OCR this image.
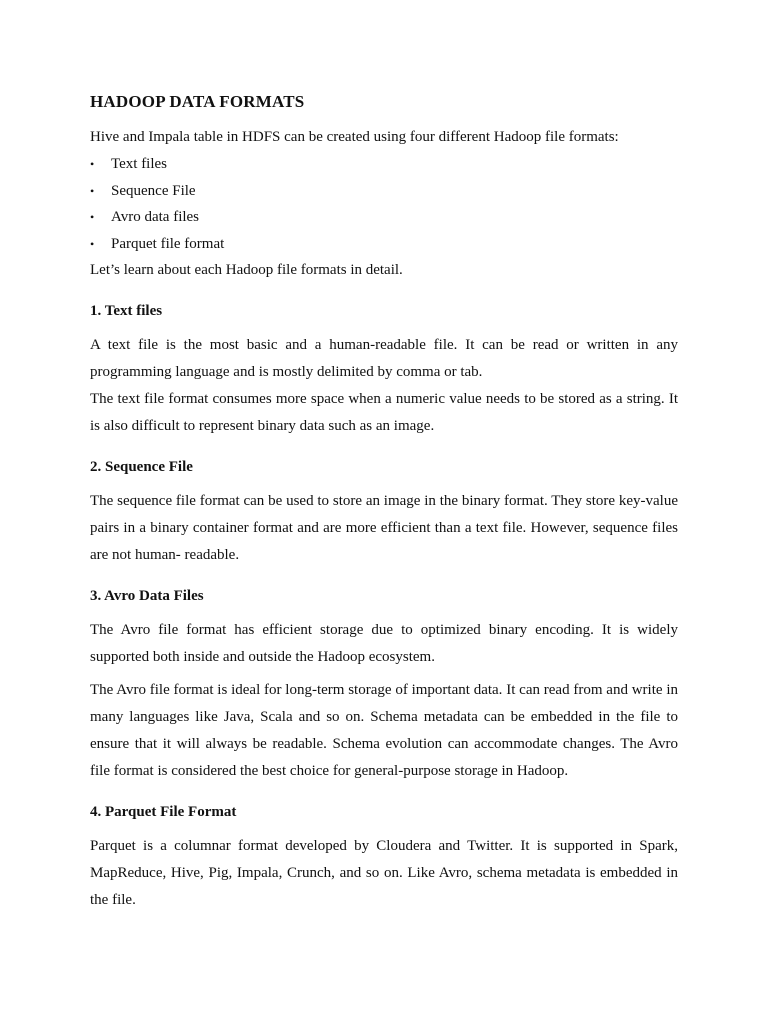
HADOOP DATA FORMATS

Hive and Impala table in HDFS can be created using four different Hadoop file formats:

• Text files
• Sequence File
• Avro data files
• Parquet file format

Let’s learn about each Hadoop file formats in detail.

1. Text files

A text file is the most basic and a human-readable file. It can be read or written in any programming language and is mostly delimited by comma or tab.

The text file format consumes more space when a numeric value needs to be stored as a string. It is also difficult to represent binary data such as an image.

2. Sequence File

The sequence file format can be used to store an image in the binary format. They store key-value pairs in a binary container format and are more efficient than a text file. However, sequence files are not human- readable.

3. Avro Data Files

The Avro file format has efficient storage due to optimized binary encoding. It is widely supported both inside and outside the Hadoop ecosystem.

The Avro file format is ideal for long-term storage of important data. It can read from and write in many languages like Java, Scala and so on. Schema metadata can be embedded in the file to ensure that it will always be readable. Schema evolution can accommodate changes. The Avro file format is considered the best choice for general-purpose storage in Hadoop.

4. Parquet File Format

Parquet is a columnar format developed by Cloudera and Twitter. It is supported in Spark, MapReduce, Hive, Pig, Impala, Crunch, and so on. Like Avro, schema metadata is embedded in the file.
